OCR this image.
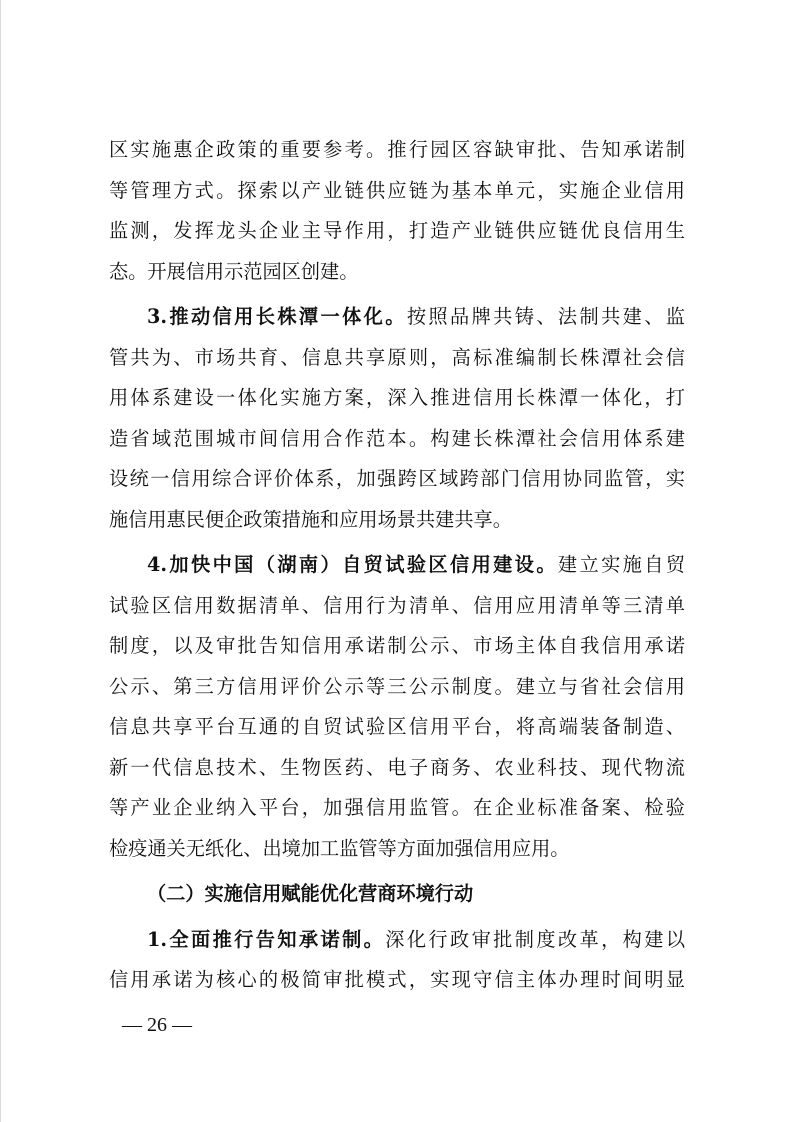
区实施惠企政策的重要参考。推行园区容缺审批、告知承诺制
等管理方式。探索以产业链供应链为基本单元，实施企业信用
监测，发挥龙头企业主导作用，打造产业链供应链优良信用生
态。开展信用示范园区创建。
3.推动信用长株潭一体化。按照品牌共铸、法制共建、监
管共为、市场共育、信息共享原则，高标准编制长株潭社会信
用体系建设一体化实施方案，深入推进信用长株潭一体化，打
造省域范围城市间信用合作范本。构建长株潭社会信用体系建
设统一信用综合评价体系，加强跨区域跨部门信用协同监管，实
施信用惠民便企政策措施和应用场景共建共享。
4.加快中国（湖南）自贸试验区信用建设。建立实施自贸
试验区信用数据清单、信用行为清单、信用应用清单等三清单
制度，以及审批告知信用承诺制公示、市场主体自我信用承诺
公示、第三方信用评价公示等三公示制度。建立与省社会信用
信息共享平台互通的自贸试验区信用平台，将高端装备制造、
新一代信息技术、生物医药、电子商务、农业科技、现代物流
等产业企业纳入平台，加强信用监管。在企业标准备案、检验
检疫通关无纸化、出境加工监管等方面加强信用应用。
（二）实施信用赋能优化营商环境行动
1.全面推行告知承诺制。深化行政审批制度改革，构建以
信用承诺为核心的极简审批模式，实现守信主体办理时间明显
— 26 —
